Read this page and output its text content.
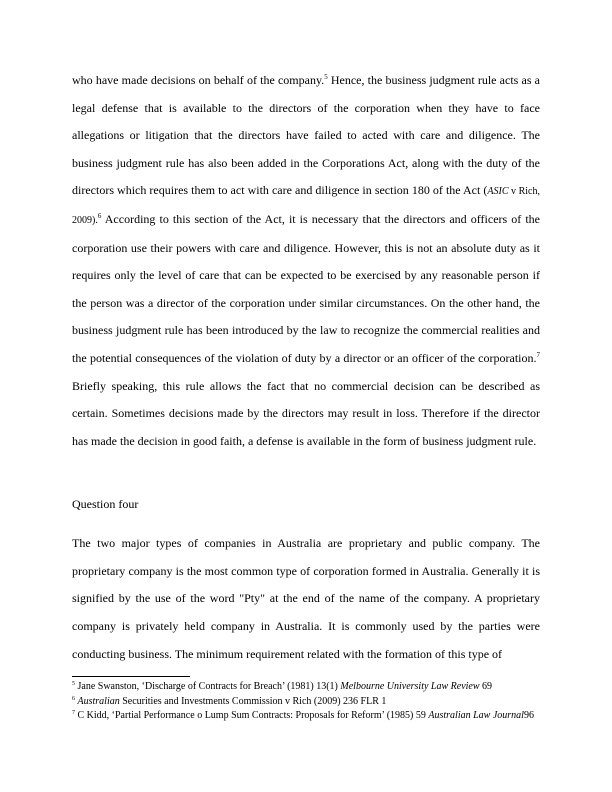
who have made decisions on behalf of the company.$^5$ Hence, the business judgment rule acts as a legal defense that is available to the directors of the corporation when they have to face allegations or litigation that the directors have failed to acted with care and diligence. The business judgment rule has also been added in the Corporations Act, along with the duty of the directors which requires them to act with care and diligence in section 180 of the Act (ASIC v Rich, 2009).$^6$ According to this section of the Act, it is necessary that the directors and officers of the corporation use their powers with care and diligence. However, this is not an absolute duty as it requires only the level of care that can be expected to be exercised by any reasonable person if the person was a director of the corporation under similar circumstances. On the other hand, the business judgment rule has been introduced by the law to recognize the commercial realities and the potential consequences of the violation of duty by a director or an officer of the corporation.$^7$ Briefly speaking, this rule allows the fact that no commercial decision can be described as certain. Sometimes decisions made by the directors may result in loss. Therefore if the director has made the decision in good faith, a defense is available in the form of business judgment rule.

Question four

The two major types of companies in Australia are proprietary and public company. The proprietary company is the most common type of corporation formed in Australia. Generally it is signified by the use of the word "Pty" at the end of the name of the company. A proprietary company is privately held company in Australia. It is commonly used by the parties were conducting business. The minimum requirement related with the formation of this type of

$^5$ Jane Swanston, ‘Discharge of Contracts for Breach’ (1981) 13(1) Melbourne University Law Review 69

$^6$ Australian Securities and Investments Commission v Rich (2009) 236 FLR 1

$^7$ C Kidd, ‘Partial Performance o Lump Sum Contracts: Proposals for Reform’ (1985) 59 Australian Law Journal96
